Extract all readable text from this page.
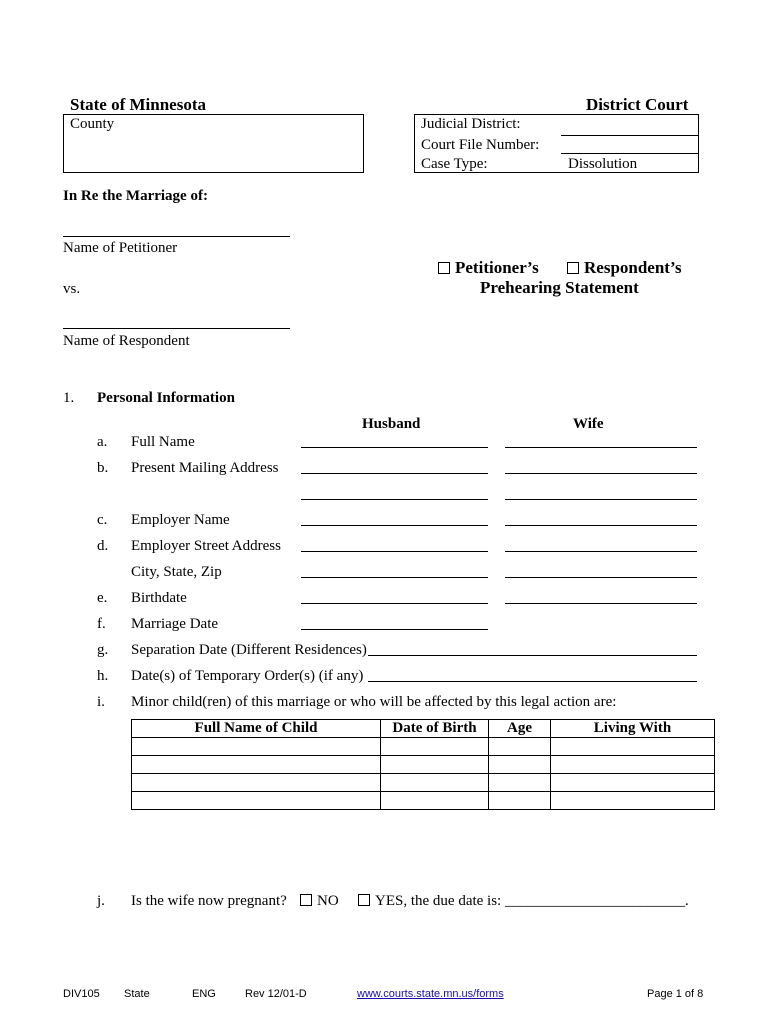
State of Minnesota	District Court
County	Judicial District:
Court File Number:
Case Type:	Dissolution
In Re the Marriage of:
Name of Petitioner
vs.
Name of Respondent
Petitioner’s	Respondent’s
Prehearing Statement
1. Personal Information
Husband	Wife
a. Full Name
b. Present Mailing Address
c. Employer Name
d. Employer Street Address
City, State, Zip
e. Birthdate
f. Marriage Date
g. Separation Date (Different Residences)
h. Date(s) of Temporary Order(s) (if any)
i. Minor child(ren) of this marriage or who will be affected by this legal action are:
Full Name of Child	Date of Birth	Age	Living With

j. Is the wife now pregnant?	NO	YES, the due date is: ________________________.
DIV105 State	ENG	Rev 12/01-D	www.courts.state.mn.us/forms	Page 1 of 8
